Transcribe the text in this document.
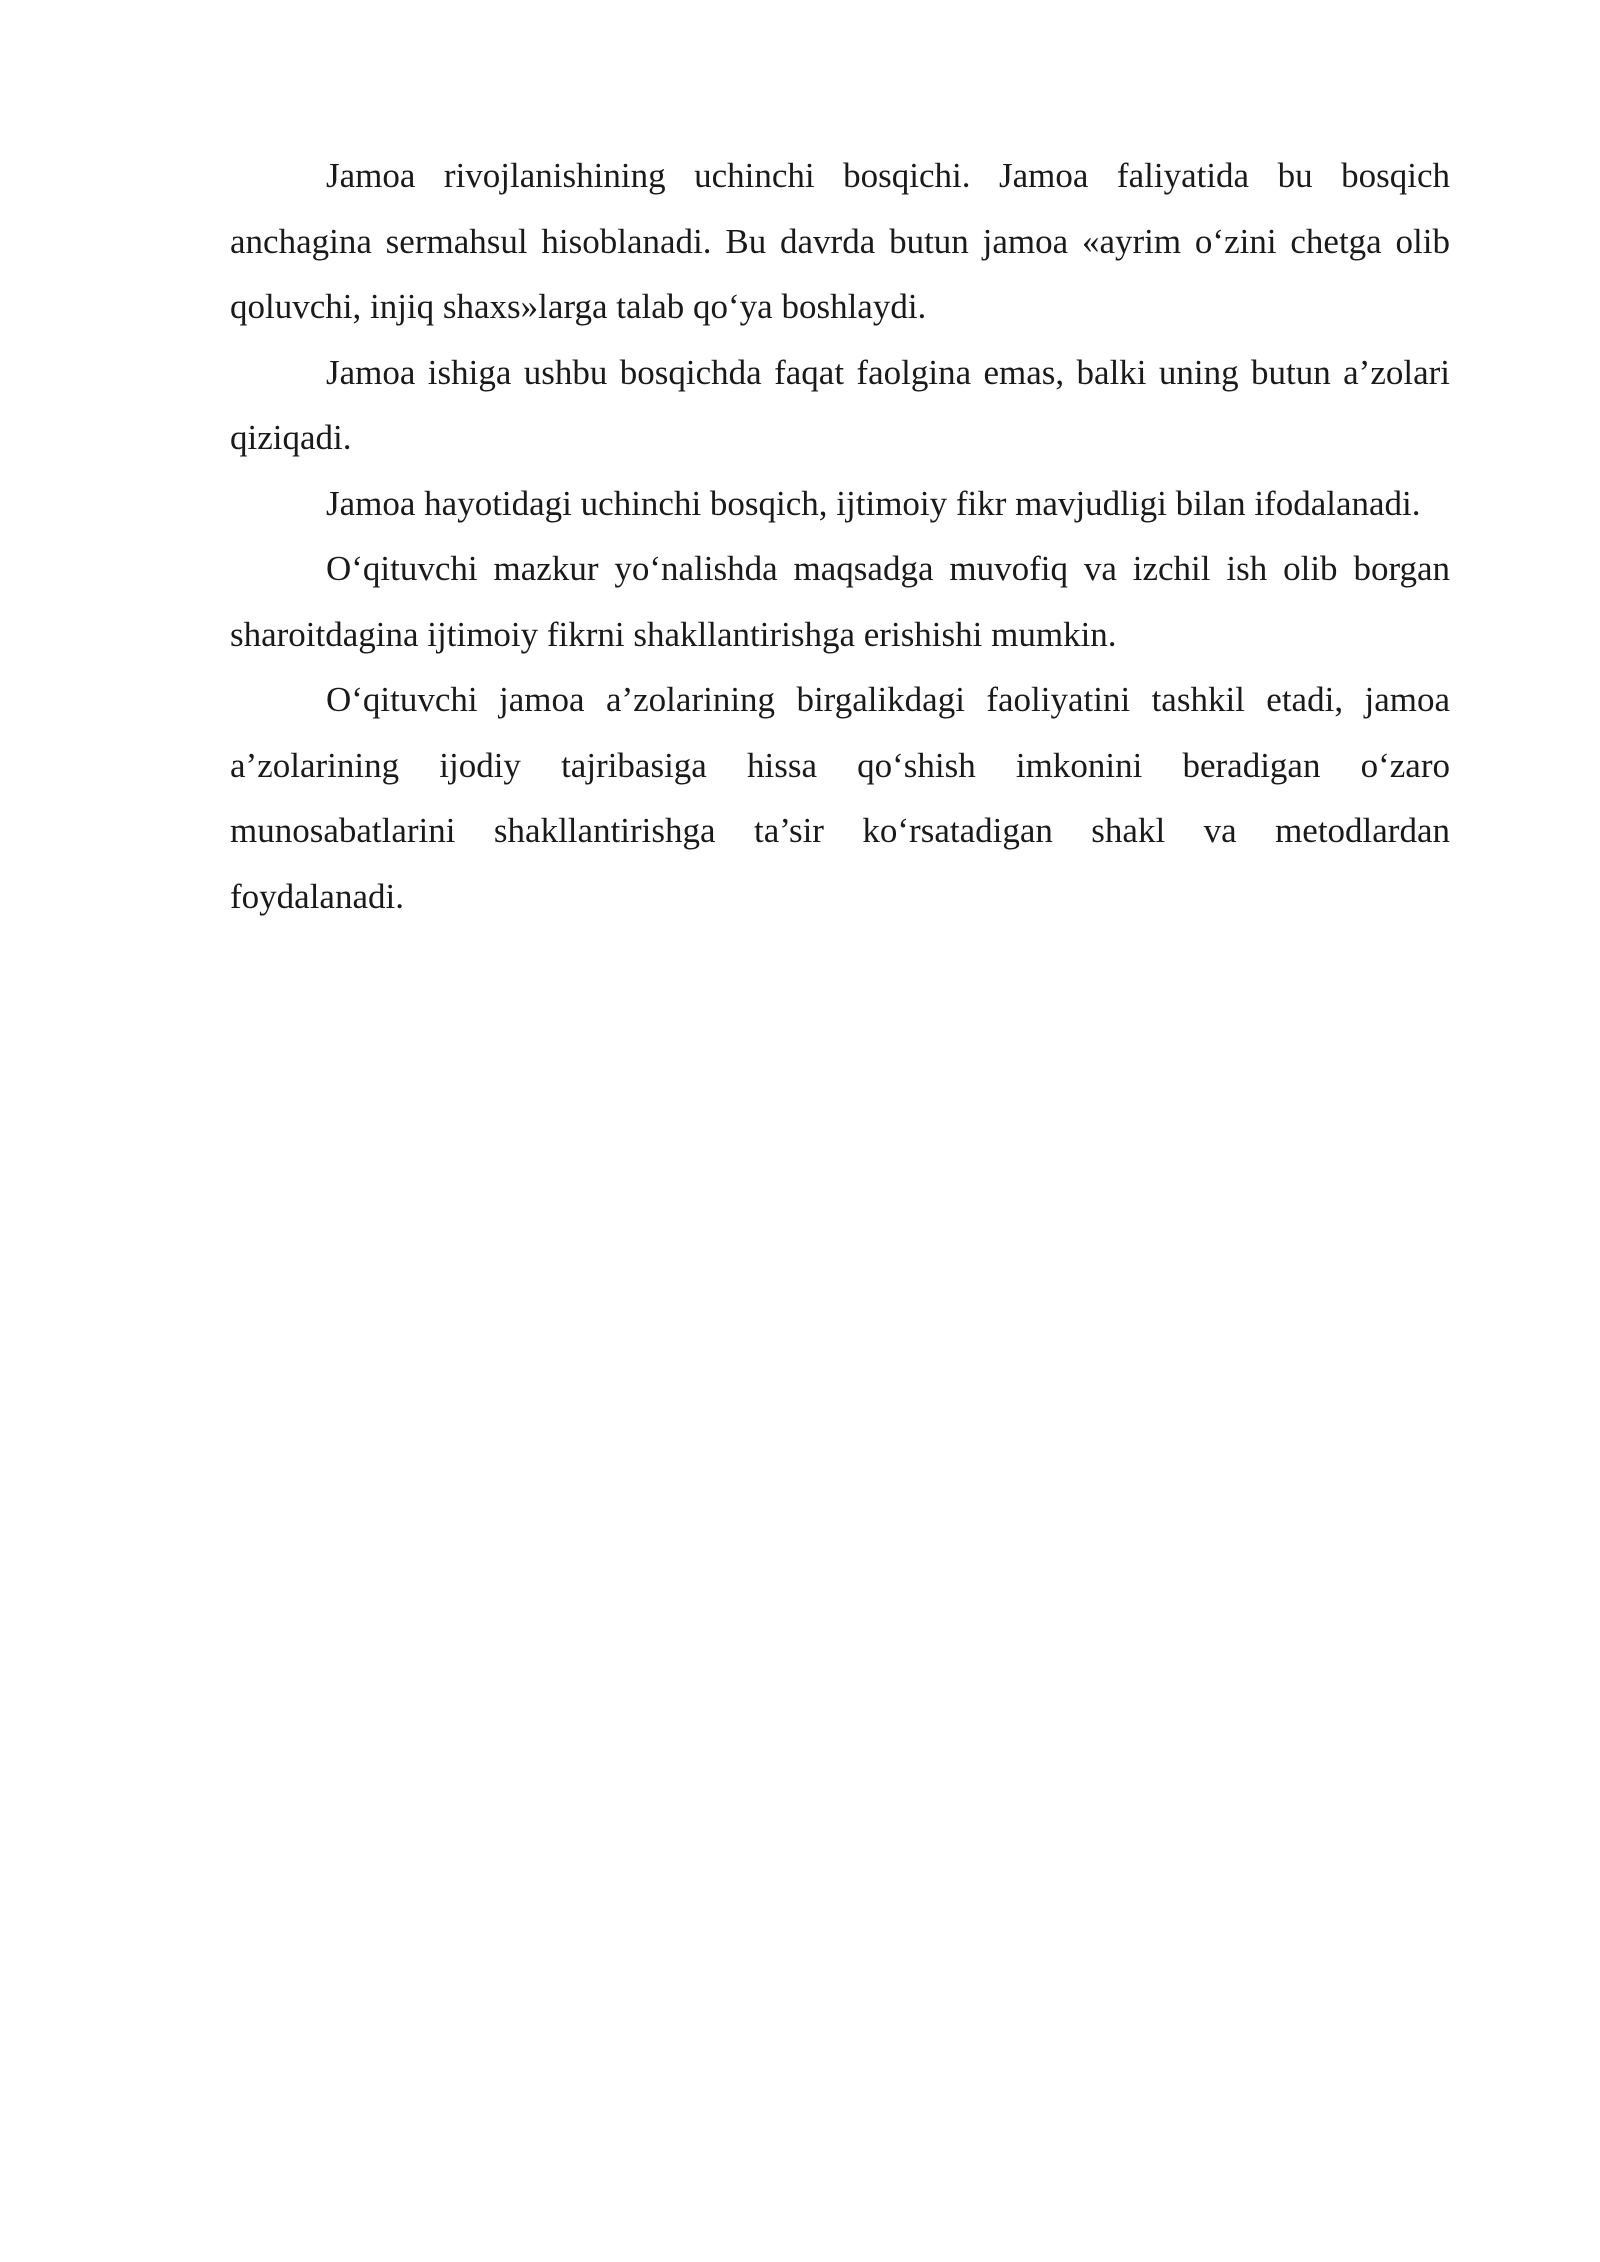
Jamoa rivojlanishining uchinchi bosqichi. Jamoa faliyatida bu bosqich anchagina sermahsul hisoblanadi. Bu davrda butun jamoa «ayrim o‘zini chetga olib qoluvchi, injiq shaxs»larga talab qo‘ya boshlaydi.

Jamoa ishiga ushbu bosqichda faqat faolgina emas, balki uning butun a’zolari qiziqadi.

Jamoa hayotidagi uchinchi bosqich, ijtimoiy fikr mavjudligi bilan ifodalanadi.

O‘qituvchi mazkur yo‘nalishda maqsadga muvofiq va izchil ish olib borgan sharoitdagina ijtimoiy fikrni shakllantirishga erishishi mumkin.

O‘qituvchi jamoa a’zolarining birgalikdagi faoliyatini tashkil etadi, jamoa a’zolarining ijodiy tajribasiga hissa qo‘shish imkonini beradigan o‘zaro munosabatlarini shakllantirishga ta’sir ko‘rsatadigan shakl va metodlardan foydalanadi.
